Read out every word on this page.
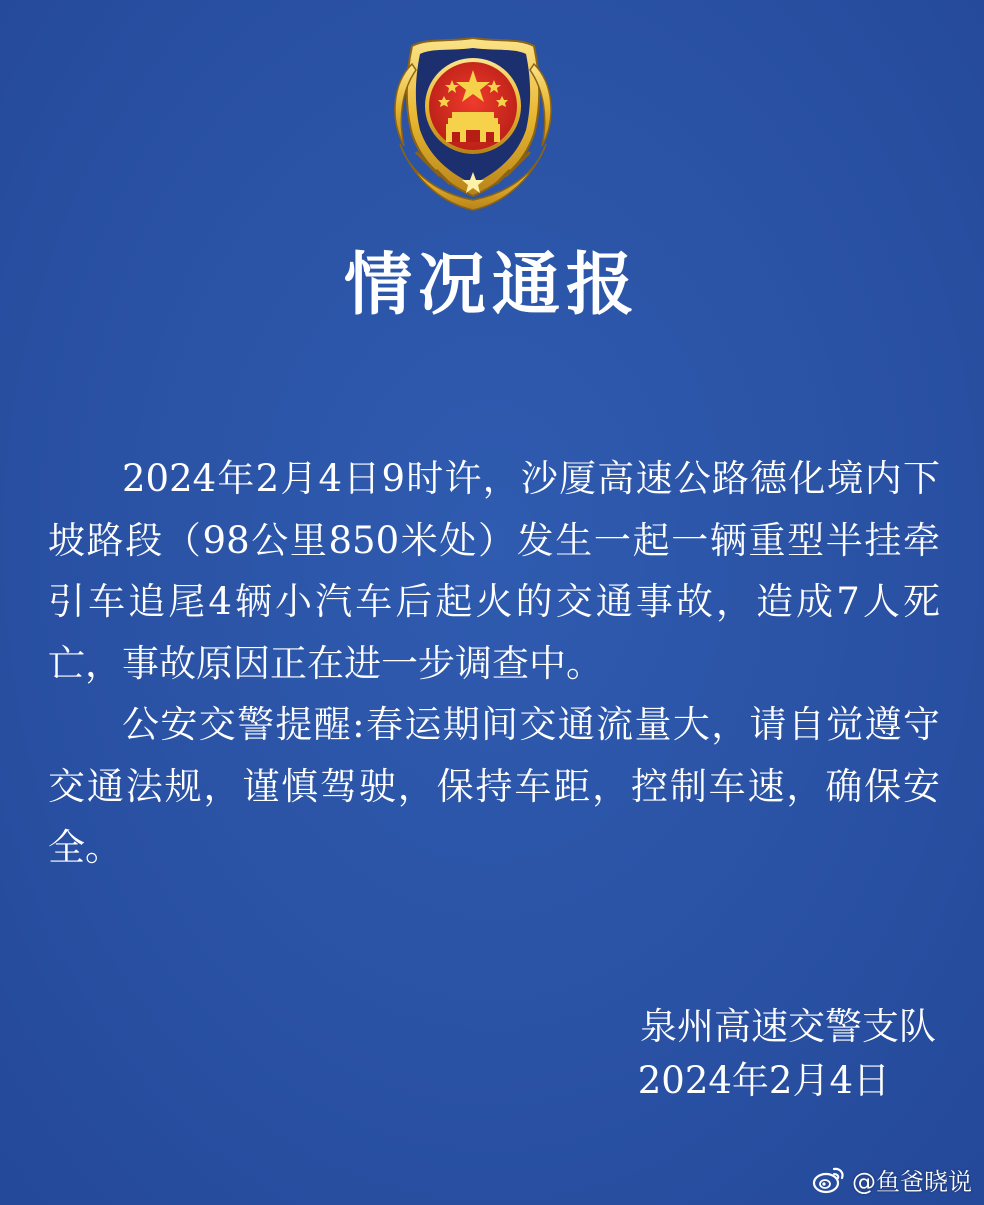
情况通报

2024年2月4日9时许，沙厦高速公路德化境内下坡路段（98公里850米处）发生一起一辆重型半挂牵引车追尾4辆小汽车后起火的交通事故，造成7人死亡，事故原因正在进一步调查中。

公安交警提醒:春运期间交通流量大，请自觉遵守交通法规，谨慎驾驶，保持车距，控制车速，确保安全。

泉州高速交警支队
2024年2月4日
@鱼爸晓说
